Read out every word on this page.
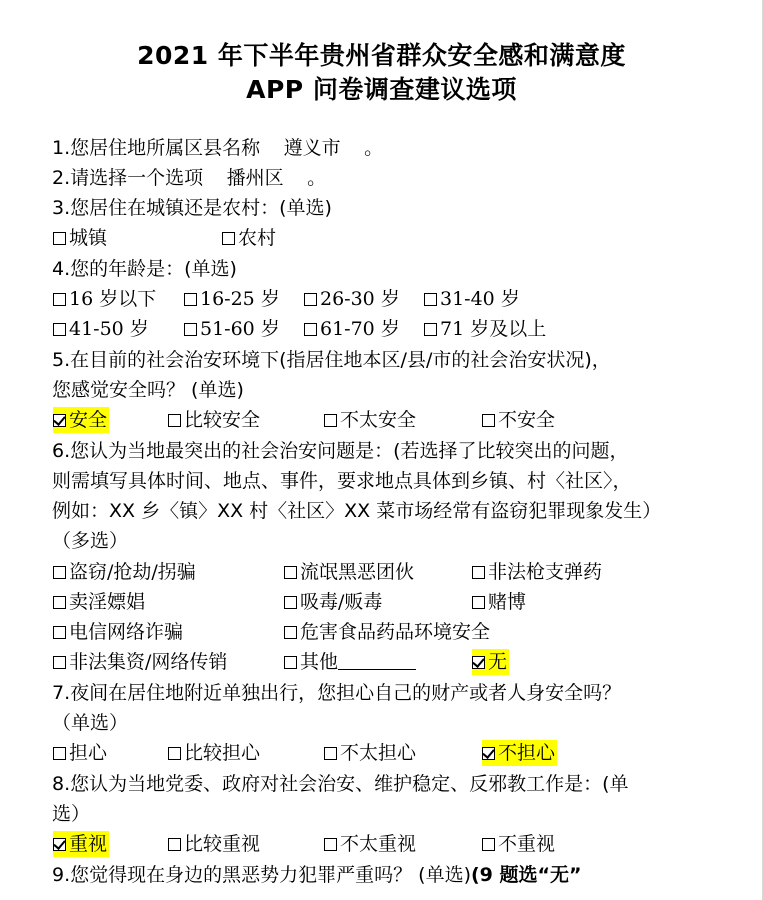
2021 年下半年贵州省群众安全感和满意度
APP 问卷调查建议选项
1.您居住地所属区县名称 遵义市 。
2.请选择一个选项 播州区 。
3.您居住在城镇还是农村：(单选)
城镇	农村
4.您的年龄是：(单选)
16 岁以下	16-25 岁	26-30 岁	31-40 岁
41-50 岁	51-60 岁	61-70 岁	71 岁及以上
5.在目前的社会治安环境下(指居住地本区/县/市的社会治安状况)，
您感觉安全吗？ (单选)
安全	比较安全	不太安全	不安全
6.您认为当地最突出的社会治安问题是：(若选择了比较突出的问题，
则需填写具体时间、地点、事件，要求地点具体到乡镇、村〈社区〉，
例如：XX 乡〈镇〉XX 村〈社区〉XX 菜市场经常有盗窃犯罪现象发生）
（多选）
盗窃/抢劫/拐骗	流氓黑恶团伙	非法枪支弹药
卖淫嫖娼	吸毒/贩毒	赌博
电信网络诈骗	危害食品药品环境安全
非法集资/网络传销	其他	无
7.夜间在居住地附近单独出行，您担心自己的财产或者人身安全吗？
（单选）
担心	比较担心	不太担心	不担心
8.您认为当地党委、政府对社会治安、维护稳定、反邪教工作是：(单
选）
重视	比较重视	不太重视	不重视
9.您觉得现在身边的黑恶势力犯罪严重吗？ (单选)(9 题选“无”
